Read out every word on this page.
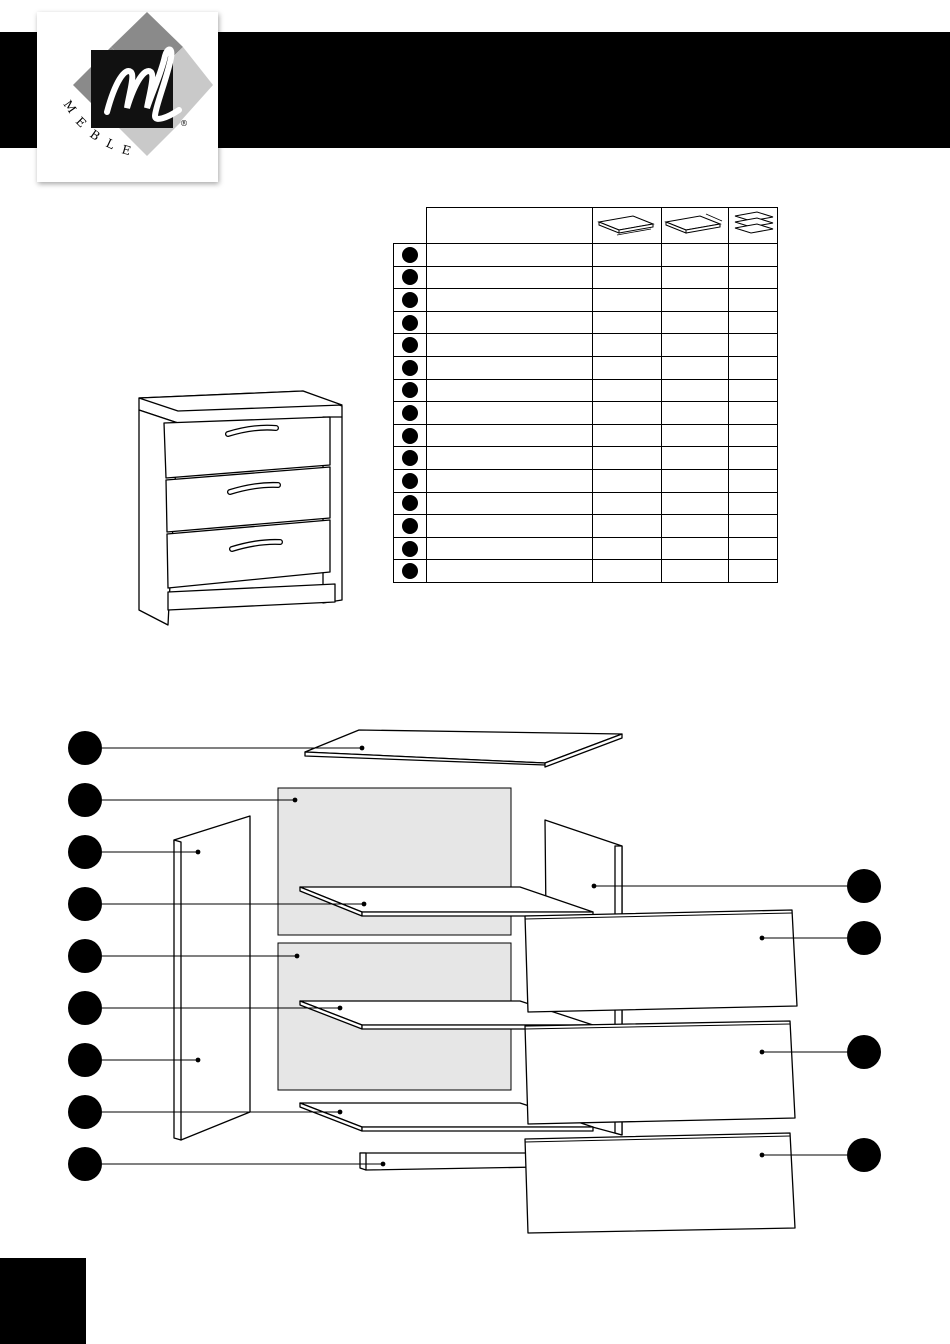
®
M
E
B
L E
